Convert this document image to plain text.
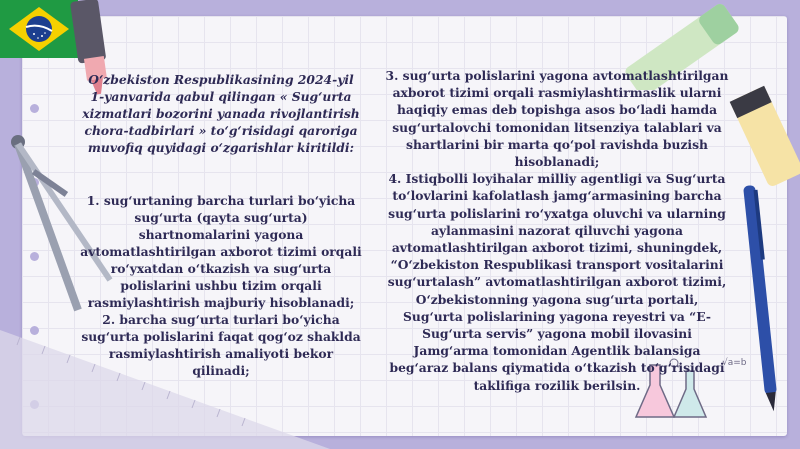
√a=b

O‘zbekiston Respublikasining 2024-yil 1-yanvarida qabul qilingan « Sug‘urta xizmatlari bozorini yanada rivojlantirish chora-tadbirlari » to‘g‘risidagi qaroriga muvofiq quyidagi o‘zgarishlar kiritildi:

1. sug‘urtaning barcha turlari bo‘yicha sug‘urta (qayta sug‘urta) shartnomalarini yagona avtomatlashtirilgan axborot tizimi orqali ro‘yxatdan o‘tkazish va sug‘urta polislarini ushbu tizim orqali rasmiylashtirish majburiy hisoblanadi;

2. barcha sug‘urta turlari bo‘yicha sug‘urta polislarini faqat qog‘oz shaklda rasmiylashtirish amaliyoti bekor qilinadi;

3. sug‘urta polislarini yagona avtomatlashtirilgan axborot tizimi orqali rasmiylashtirmaslik ularni haqiqiy emas deb topishga asos bo‘ladi hamda sug‘urtalovchi tomonidan litsenziya talablari va shartlarini bir marta qo‘pol ravishda buzish hisoblanadi;

4. Istiqbolli loyihalar milliy agentligi va Sug‘urta to‘lovlarini kafolatlash jamg‘armasining barcha sug‘urta polislarini ro‘yxatga oluvchi va ularning aylanmasini nazorat qiluvchi yagona avtomatlashtirilgan axborot tizimi, shuningdek, “O‘zbekiston Respublikasi transport vositalarini sug‘urtalash” avtomatlashtirilgan axborot tizimi, O‘zbekistonning yagona sug‘urta portali, Sug‘urta polislarining yagona reyestri va “E-Sug‘urta servis” yagona mobil ilovasini Jamg‘arma tomonidan Agentlik balansiga beg‘araz balans qiymatida o‘tkazish to‘g‘risidagi taklifiga rozilik berilsin.
